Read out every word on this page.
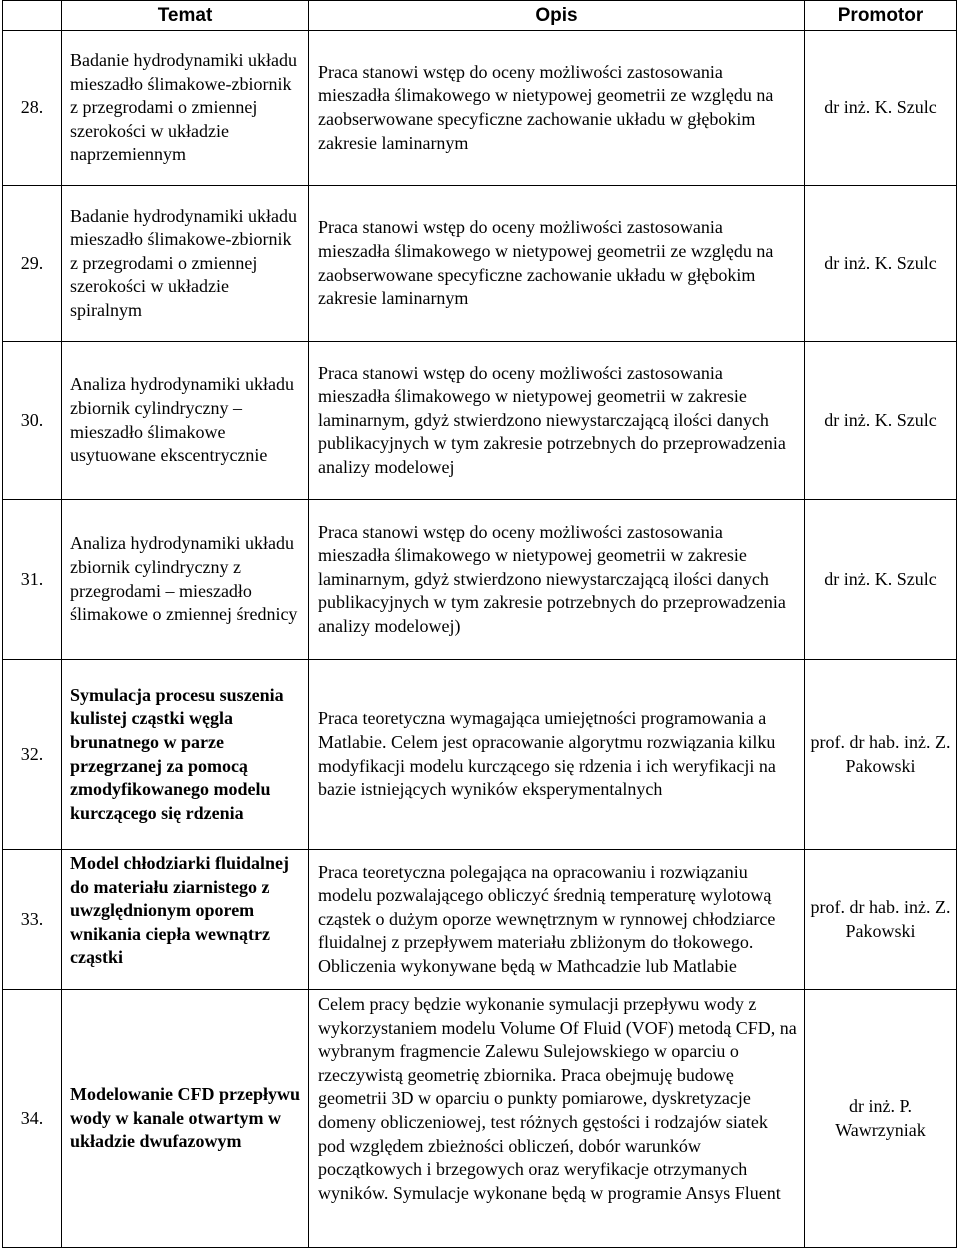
	Temat	Opis	Promotor
28.	Badanie hydrodynamiki układu mieszadło ślimakowe-zbiornik z przegrodami o zmiennej szerokości w układzie naprzemiennym	Praca stanowi wstęp do oceny możliwości zastosowania mieszadła ślimakowego w nietypowej geometrii ze względu na zaobserwowane specyficzne zachowanie układu w głębokim zakresie laminarnym	dr inż. K. Szulc
29.	Badanie hydrodynamiki układu mieszadło ślimakowe-zbiornik z przegrodami o zmiennej szerokości w układzie spiralnym	Praca stanowi wstęp do oceny możliwości zastosowania mieszadła ślimakowego w nietypowej geometrii ze względu na zaobserwowane specyficzne zachowanie układu w głębokim zakresie laminarnym	dr inż. K. Szulc
30.	Analiza hydrodynamiki układu zbiornik cylindryczny – mieszadło ślimakowe usytuowane ekscentrycznie	Praca stanowi wstęp do oceny możliwości zastosowania mieszadła ślimakowego w nietypowej geometrii w zakresie laminarnym, gdyż stwierdzono niewystarczającą ilości danych publikacyjnych w tym zakresie potrzebnych do przeprowadzenia analizy modelowej	dr inż. K. Szulc
31.	Analiza hydrodynamiki układu zbiornik cylindryczny z przegrodami – mieszadło ślimakowe o zmiennej średnicy	Praca stanowi wstęp do oceny możliwości zastosowania mieszadła ślimakowego w nietypowej geometrii w zakresie laminarnym, gdyż stwierdzono niewystarczającą ilości danych publikacyjnych w tym zakresie potrzebnych do przeprowadzenia analizy modelowej)	dr inż. K. Szulc
32.	Symulacja procesu suszenia kulistej cząstki węgla brunatnego w parze przegrzanej za pomocą zmodyfikowanego modelu kurczącego się rdzenia	Praca teoretyczna wymagająca umiejętności programowania a Matlabie. Celem jest opracowanie algorytmu rozwiązania kilku modyfikacji modelu kurczącego się rdzenia i ich weryfikacji na bazie istniejących wyników eksperymentalnych	prof. dr hab. inż. Z. Pakowski
33.	Model chłodziarki fluidalnej do materiału ziarnistego z uwzględnionym oporem wnikania ciepła wewnątrz cząstki	Praca teoretyczna polegająca na opracowaniu i rozwiązaniu modelu pozwalającego obliczyć średnią temperaturę wylotową cząstek o dużym oporze wewnętrznym w rynnowej chłodziarce fluidalnej z przepływem materiału zbliżonym do tłokowego. Obliczenia wykonywane będą w Mathcadzie lub Matlabie	prof. dr hab. inż. Z. Pakowski
34.	Modelowanie CFD przepływu wody w kanale otwartym w układzie dwufazowym	Celem pracy będzie wykonanie symulacji przepływu wody z wykorzystaniem modelu Volume Of Fluid (VOF) metodą CFD, na wybranym fragmencie Zalewu Sulejowskiego w oparciu o rzeczywistą geometrię zbiornika. Praca obejmuję budowę geometrii 3D w oparciu o punkty pomiarowe, dyskretyzacje domeny obliczeniowej, test różnych gęstości i rodzajów siatek pod względem zbieżności obliczeń, dobór warunków początkowych i brzegowych oraz weryfikacje otrzymanych wyników. Symulacje wykonane będą w programie Ansys Fluent	dr inż. P. Wawrzyniak
